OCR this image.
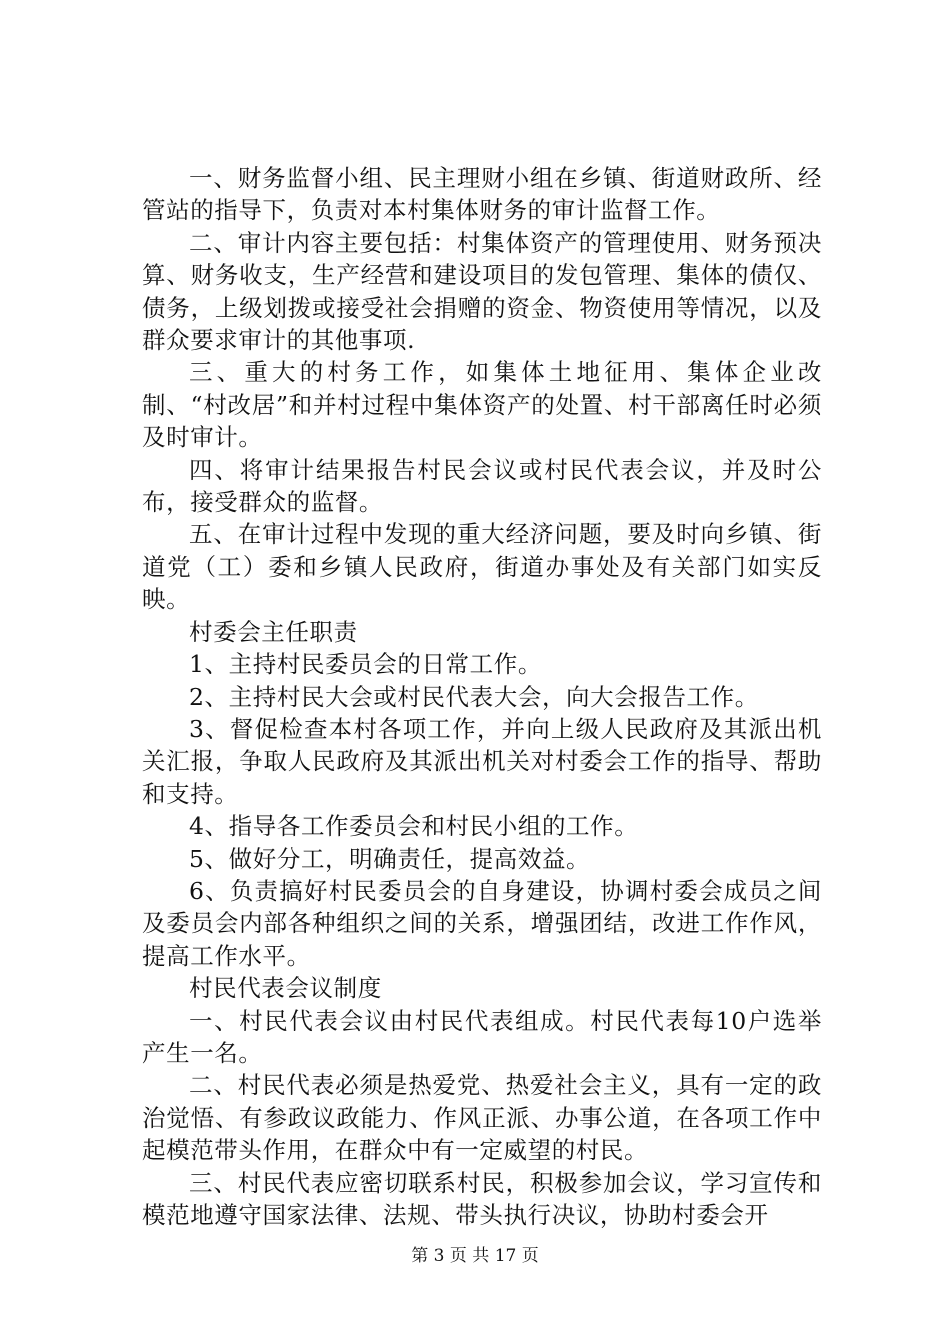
一、财务监督小组、民主理财小组在乡镇、街道财政所、经管站的指导下，负责对本村集体财务的审计监督工作。

二、审计内容主要包括：村集体资产的管理使用、财务预决算、财务收支，生产经营和建设项目的发包管理、集体的债仅、债务，上级划拨或接受社会捐赠的资金、物资使用等情况，以及群众要求审计的其他事项.

三、重大的村务工作，如集体土地征用、集体企业改制、“村改居”和并村过程中集体资产的处置、村干部离任时必须及时审计。

四、将审计结果报告村民会议或村民代表会议，并及时公布，接受群众的监督。

五、在审计过程中发现的重大经济问题，要及时向乡镇、街道党（工）委和乡镇人民政府，街道办事处及有关部门如实反映。

村委会主任职责

1、主持村民委员会的日常工作。

2、主持村民大会或村民代表大会，向大会报告工作。

3、督促检查本村各项工作，并向上级人民政府及其派出机关汇报，争取人民政府及其派出机关对村委会工作的指导、帮助和支持。

4、指导各工作委员会和村民小组的工作。

5、做好分工，明确责任，提高效益。

6、负责搞好村民委员会的自身建设，协调村委会成员之间及委员会内部各种组织之间的关系，增强团结，改进工作作风，提高工作水平。

村民代表会议制度

一、村民代表会议由村民代表组成。村民代表每10户选举产生一名。

二、村民代表必须是热爱党、热爱社会主义，具有一定的政治觉悟、有参政议政能力、作风正派、办事公道，在各项工作中起模范带头作用，在群众中有一定威望的村民。

三、村民代表应密切联系村民，积极参加会议，学习宣传和模范地遵守国家法律、法规、带头执行决议，协助村委会开

第 3 页 共 17 页
